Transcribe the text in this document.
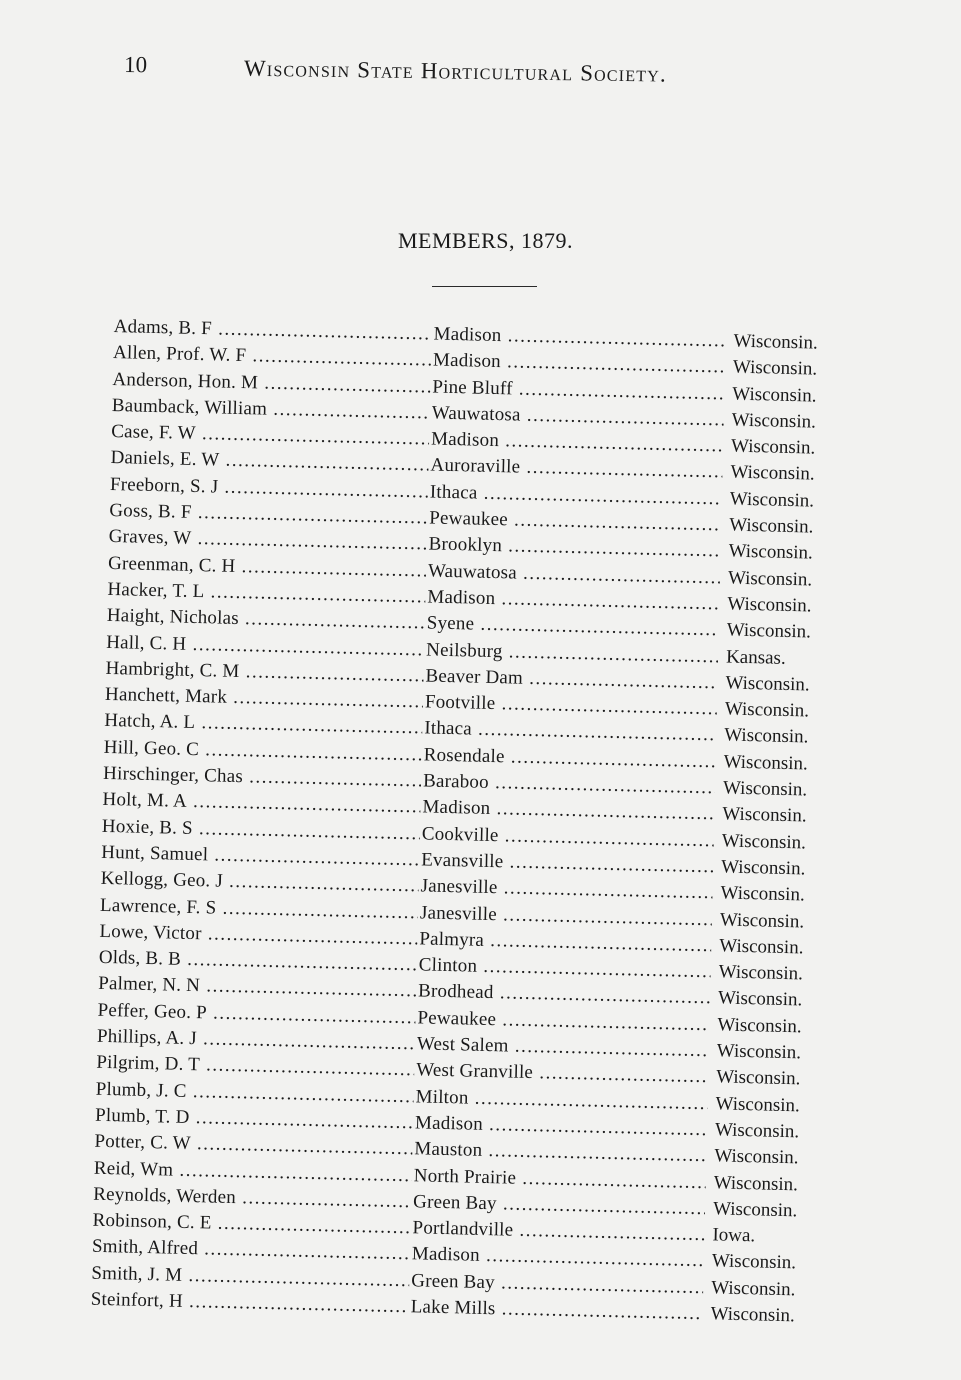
10	Wisconsin State Horticultural Society.
MEMBERS, 1879.
Adams, B. F .....	Madison .....	Wisconsin.
Allen, Prof. W. F .....	Madison .....	Wisconsin.
Anderson, Hon. M .....	Pine Bluff .....	Wisconsin.
Baumback, William .....	Wauwatosa .....	Wisconsin.
Case, F. W .....	Madison .....	Wisconsin.
Daniels, E. W .....	Auroraville .....	Wisconsin.
Freeborn, S. J .....	Ithaca .....	Wisconsin.
Goss, B. F .....	Pewaukee .....	Wisconsin.
Graves, W .....	Brooklyn .....	Wisconsin.
Greenman, C. H .....	Wauwatosa .....	Wisconsin.
Hacker, T. L .....	Madison .....	Wisconsin.
Haight, Nicholas .....	Syene .....	Wisconsin.
Hall, C. H .....	Neilsburg .....	Kansas.
Hambright, C. M .....	Beaver Dam .....	Wisconsin.
Hanchett, Mark .....	Footville .....	Wisconsin.
Hatch, A. L .....	Ithaca .....	Wisconsin.
Hill, Geo. C .....	Rosendale .....	Wisconsin.
Hirschinger, Chas .....	Baraboo .....	Wisconsin.
Holt, M. A .....	Madison .....	Wisconsin.
Hoxie, B. S .....	Cookville .....	Wisconsin.
Hunt, Samuel .....	Evansville .....	Wisconsin.
Kellogg, Geo. J .....	Janesville .....	Wisconsin.
Lawrence, F. S .....	Janesville .....	Wisconsin.
Lowe, Victor .....	Palmyra .....	Wisconsin.
Olds, B. B .....	Clinton .....	Wisconsin.
Palmer, N. N .....	Brodhead .....	Wisconsin.
Peffer, Geo. P .....	Pewaukee .....	Wisconsin.
Phillips, A. J .....	West Salem .....	Wisconsin.
Pilgrim, D. T .....	West Granville .....	Wisconsin.
Plumb, J. C .....	Milton .....	Wisconsin.
Plumb, T. D .....	Madison .....	Wisconsin.
Potter, C. W .....	Mauston .....	Wisconsin.
Reid, Wm .....	North Prairie .....	Wisconsin.
Reynolds, Werden .....	Green Bay .....	Wisconsin.
Robinson, C. E .....	Portlandville .....	Iowa.
Smith, Alfred .....	Madison .....	Wisconsin.
Smith, J. M .....	Green Bay .....	Wisconsin.
Steinfort, H .....	Lake Mills .....	Wisconsin.
